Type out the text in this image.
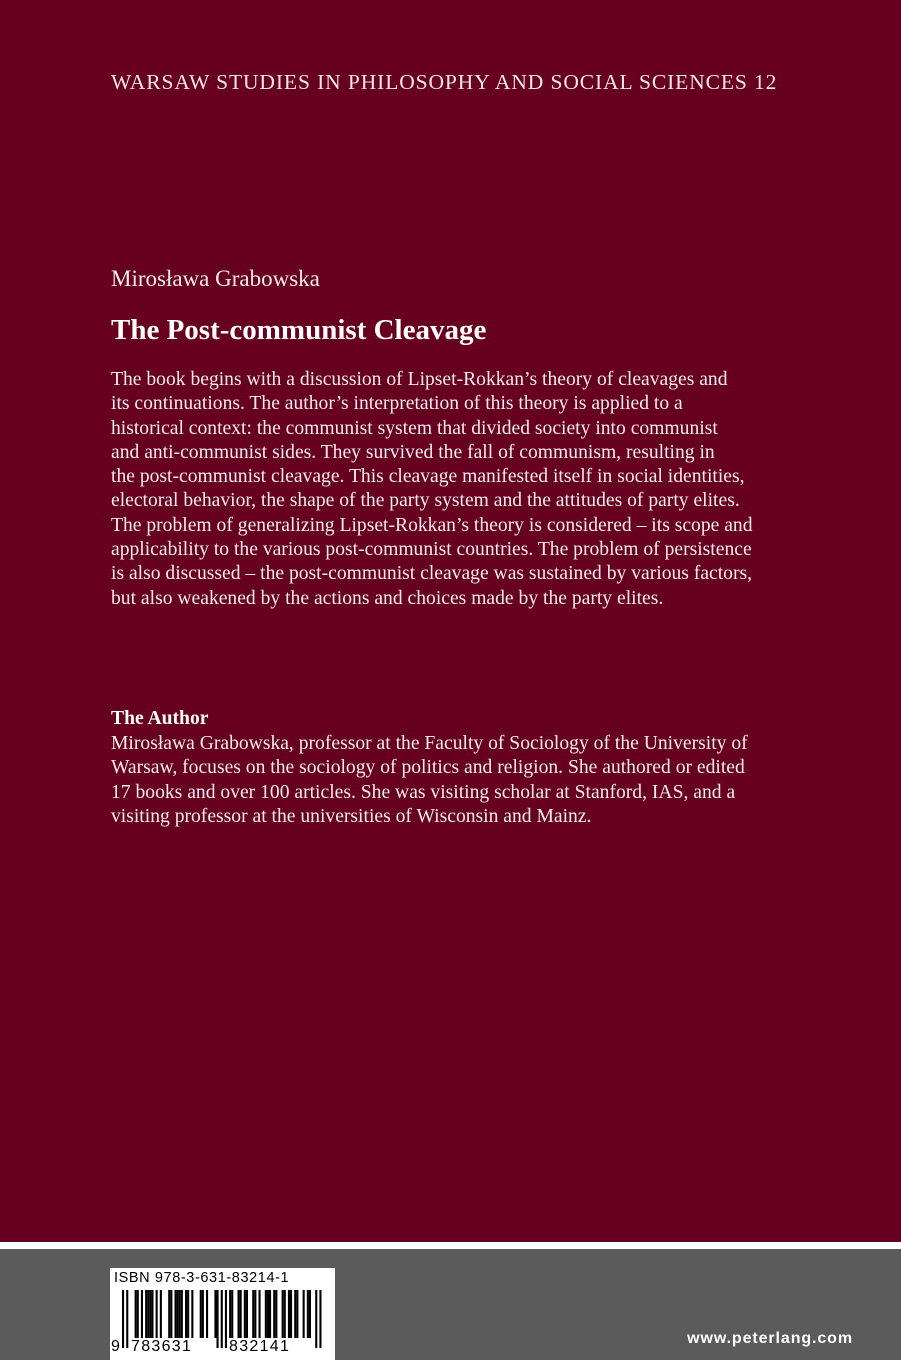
WARSAW STUDIES IN PHILOSOPHY AND SOCIAL SCIENCES 12
Mirosława Grabowska
The Post-communist Cleavage
The book begins with a discussion of Lipset-Rokkan’s theory of cleavages and
its continuations. The author’s interpretation of this theory is applied to a
historical context: the communist system that divided society into communist
and anti-communist sides. They survived the fall of communism, resulting in
the post-communist cleavage. This cleavage manifested itself in social identities,
electoral behavior, the shape of the party system and the attitudes of party elites.
The problem of generalizing Lipset-Rokkan’s theory is considered – its scope and
applicability to the various post-communist countries. The problem of persistence
is also discussed – the post-communist cleavage was sustained by various factors,
but also weakened by the actions and choices made by the party elites.
The Author
Mirosława Grabowska, professor at the Faculty of Sociology of the University of
Warsaw, focuses on the sociology of politics and religion. She authored or edited
17 books and over 100 articles. She was visiting scholar at Stanford, IAS, and a
visiting professor at the universities of Wisconsin and Mainz.
ISBN 978-3-631-83214-1
9 783631 832141	www.peterlang.com
